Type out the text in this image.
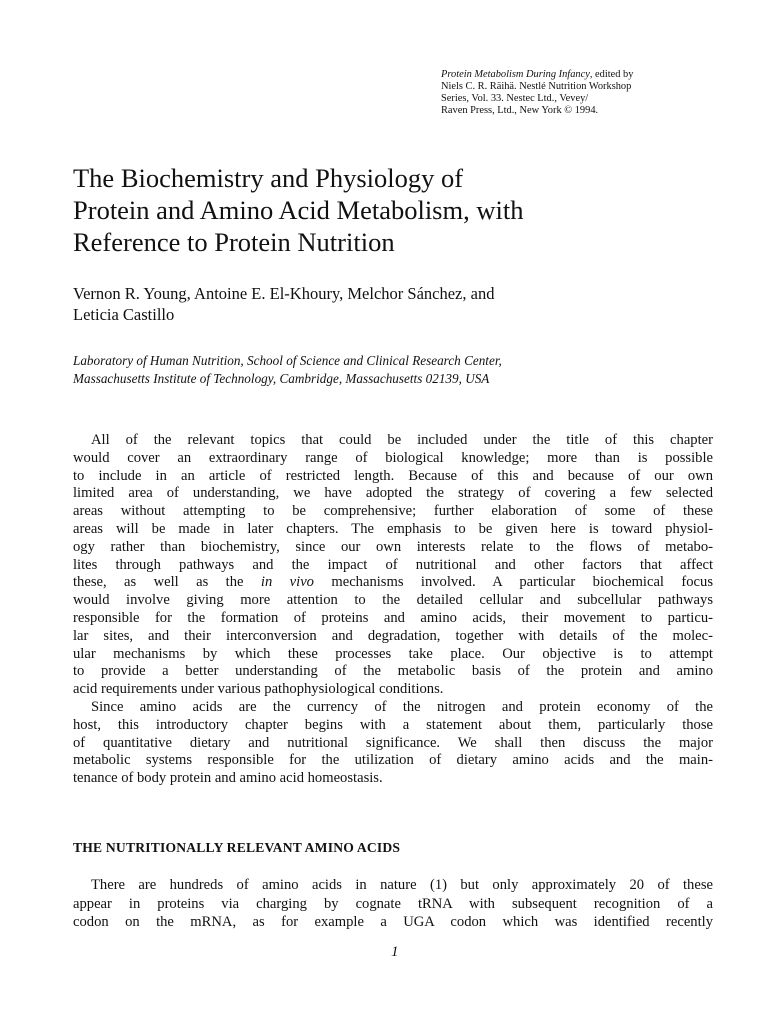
Protein Metabolism During Infancy, edited by
Niels C. R. Räihä. Nestlé Nutrition Workshop
Series, Vol. 33. Nestec Ltd., Vevey/
Raven Press, Ltd., New York © 1994.
The Biochemistry and Physiology of
Protein and Amino Acid Metabolism, with
Reference to Protein Nutrition
Vernon R. Young, Antoine E. El-Khoury, Melchor Sánchez, and
Leticia Castillo
Laboratory of Human Nutrition, School of Science and Clinical Research Center,
Massachusetts Institute of Technology, Cambridge, Massachusetts 02139, USA
All of the relevant topics that could be included under the title of this chapter
would cover an extraordinary range of biological knowledge; more than is possible
to include in an article of restricted length. Because of this and because of our own
limited area of understanding, we have adopted the strategy of covering a few selected
areas without attempting to be comprehensive; further elaboration of some of these
areas will be made in later chapters. The emphasis to be given here is toward physiol-
ogy rather than biochemistry, since our own interests relate to the flows of metabo-
lites through pathways and the impact of nutritional and other factors that affect
these, as well as the in vivo mechanisms involved. A particular biochemical focus
would involve giving more attention to the detailed cellular and subcellular pathways
responsible for the formation of proteins and amino acids, their movement to particu-
lar sites, and their interconversion and degradation, together with details of the molec-
ular mechanisms by which these processes take place. Our objective is to attempt
to provide a better understanding of the metabolic basis of the protein and amino
acid requirements under various pathophysiological conditions.
Since amino acids are the currency of the nitrogen and protein economy of the
host, this introductory chapter begins with a statement about them, particularly those
of quantitative dietary and nutritional significance. We shall then discuss the major
metabolic systems responsible for the utilization of dietary amino acids and the main-
tenance of body protein and amino acid homeostasis.
THE NUTRITIONALLY RELEVANT AMINO ACIDS
There are hundreds of amino acids in nature (1) but only approximately 20 of these
appear in proteins via charging by cognate tRNA with subsequent recognition of a
codon on the mRNA, as for example a UGA codon which was identified recently
1
